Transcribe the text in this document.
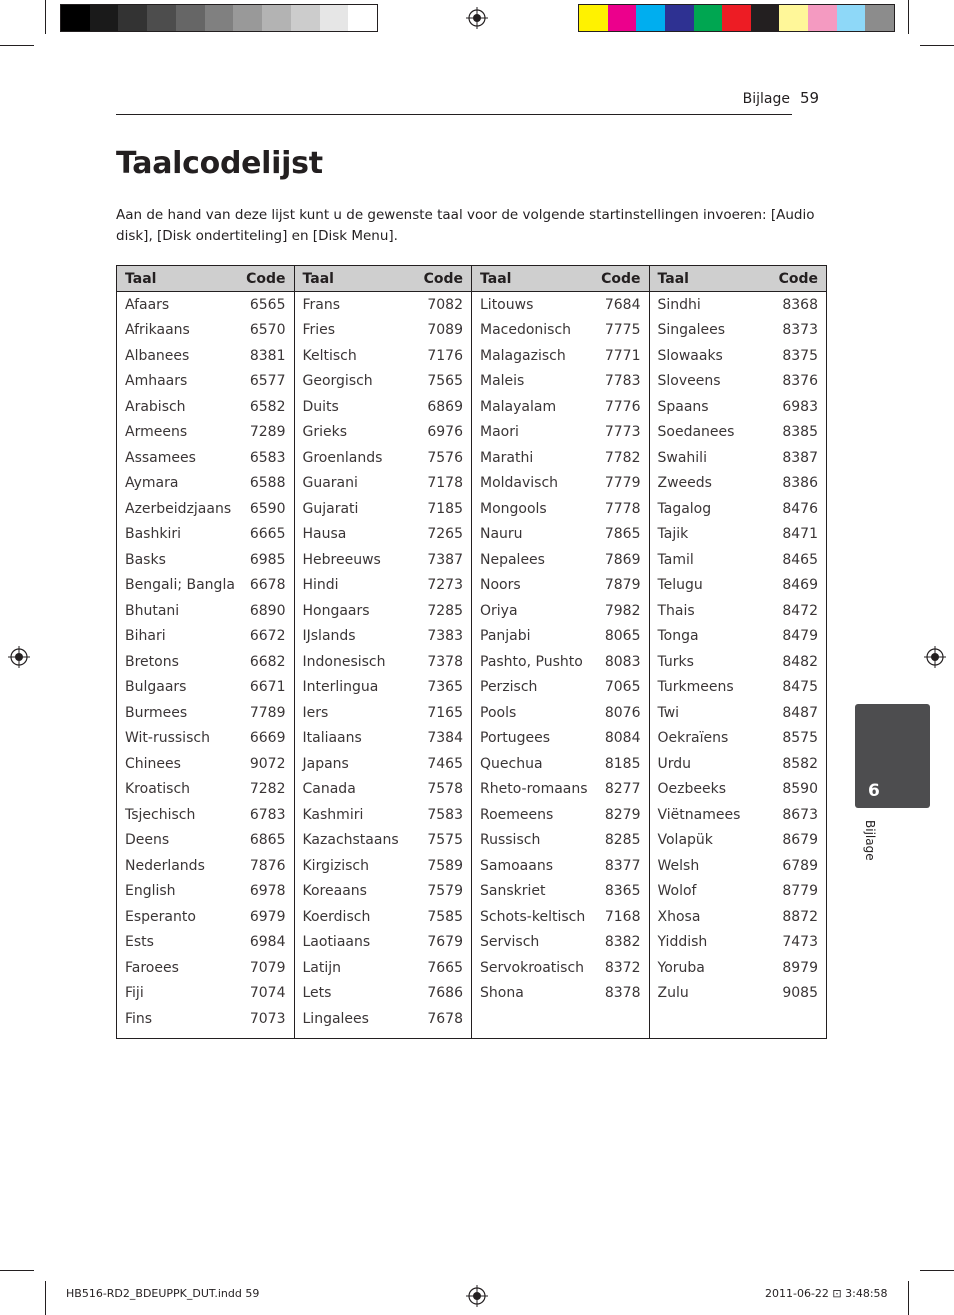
Bijlage 59
Taalcodelijst

Aan de hand van deze lijst kunt u de gewenste taal voor de volgende startinstellingen invoeren: [Audio disk], [Disk ondertiteling] en [Disk Menu].

Taal	Code
Afaars	6565
Afrikaans	6570
Albanees	8381
Amhaars	6577
Arabisch	6582
Armeens	7289
Assamees	6583
Aymara	6588
Azerbeidzjaans 6590
Bashkiri	6665
Basks	6985
Bengali; Bangla 6678
Bhutani	6890
Bihari	6672
Bretons	6682
Bulgaars	6671
Burmees	7789
Wit-russisch	6669
Chinees	9072
Kroatisch	7282
Tsjechisch	6783
Deens	6865
Nederlands	7876
English	6978
Esperanto	6979
Ests	6984
Faroees	7079
Fiji	7074
Fins	7073
Taal	Code
Frans	7082
Fries	7089
Keltisch	7176
Georgisch	7565
Duits	6869
Grieks	6976
Groenlands	7576
Guarani	7178
Gujarati	7185
Hausa	7265
Hebreeuws	7387
Hindi	7273
Hongaars	7285
IJslands	7383
Indonesisch	7378
Interlingua	7365
Iers	7165
Italiaans	7384
Japans	7465
Canada	7578
Kashmiri	7583
Kazachstaans 7575
Kirgizisch	7589
Koreaans	7579
Koerdisch	7585
Laotiaans	7679
Latijn	7665
Lets	7686
Lingalees	7678
Taal	Code
Litouws	7684
Macedonisch 7775
Malagazisch	7771
Maleis	7783
Malayalam	7776
Maori	7773
Marathi	7782
Moldavisch	7779
Mongools	7778
Nauru	7865
Nepalees	7869
Noors	7879
Oriya	7982
Panjabi	8065
Pashto, Pushto 8083
Perzisch	7065
Pools	8076
Portugees	8084
Quechua	8185
Rheto-romaans 8277
Roemeens	8279
Russisch	8285
Samoaans	8377
Sanskriet	8365
Schots-keltisch 7168
Servisch	8382
Servokroatisch 8372
Shona	8378
Taal	Code
Sindhi	8368
Singalees	8373
Slowaaks	8375
Sloveens	8376
Spaans	6983
Soedanees	8385
Swahili	8387
Zweeds	8386
Tagalog	8476
Tajik	8471
Tamil	8465
Telugu	8469
Thais	8472
Tonga	8479
Turks	8482
Turkmeens	8475
Twi	8487
Oekraïens	8575
Urdu	8582
Oezbeeks	8590
Viëtnamees	8673
Volapük	8679
Welsh	6789
Wolof	8779
Xhosa	8872
Yiddish	7473
Yoruba	8979
Zulu	9085
6
Bijlage
HB516-RD2_BDEUPPK_DUT.indd 59	2011-06-22 ⊡ 3:48:58
